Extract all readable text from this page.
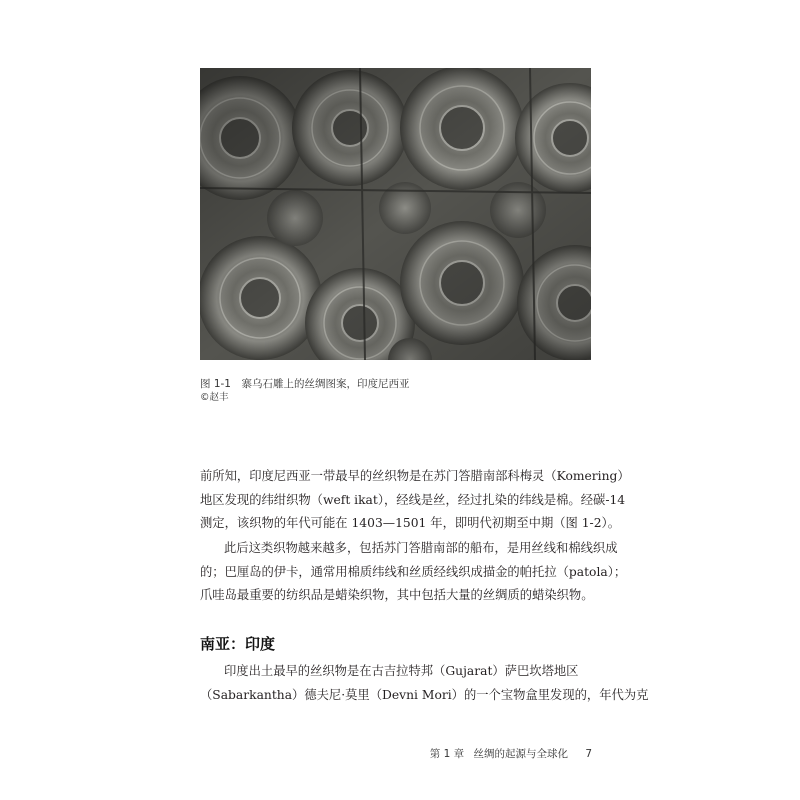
图 1-1　寨乌石雕上的丝绸图案，印度尼西亚
©赵丰
前所知，印度尼西亚一带最早的丝织物是在苏门答腊南部科梅灵（Komering）
地区发现的纬绀织物（weft ikat），经线是丝，经过扎染的纬线是棉。经碳-14
测定，该织物的年代可能在 1403—1501 年，即明代初期至中期（图 1-2）。
此后这类织物越来越多，包括苏门答腊南部的船布，是用丝线和棉线织成
的；巴厘岛的伊卡，通常用棉质纬线和丝质经线织成描金的帕托拉（patola）；
爪哇岛最重要的纺织品是蜡染织物，其中包括大量的丝绸质的蜡染织物。
南亚：印度
印度出土最早的丝织物是在古吉拉特邦（Gujarat）萨巴坎塔地区
（Sabarkantha）德夫尼·莫里（Devni Mori）的一个宝物盒里发现的，年代为克
第 1 章 丝绸的起源与全球化 7
